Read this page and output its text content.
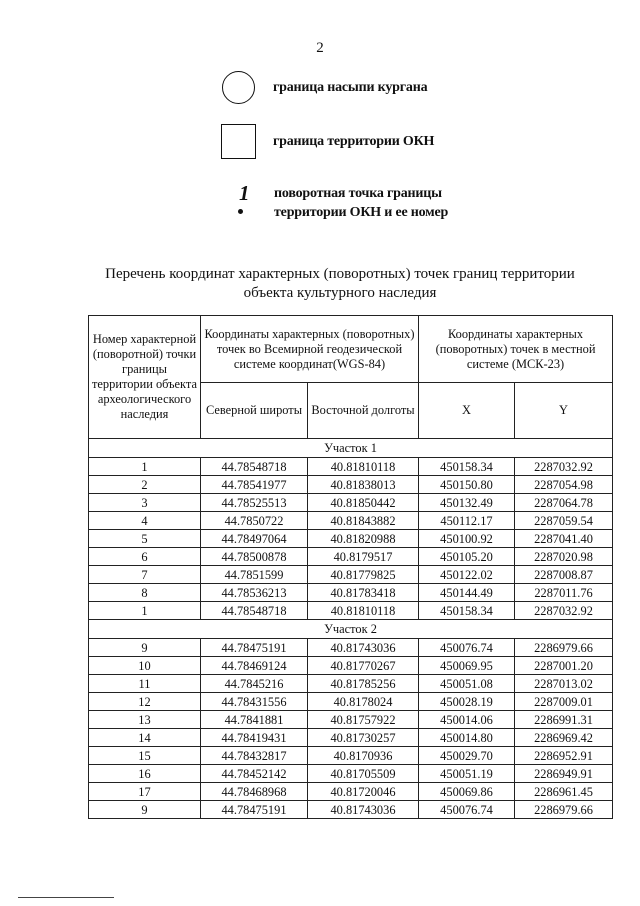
2
граница насыпи кургана
граница территории ОКН
1 поворотная точка границы
территории ОКН и ее номер
Перечень координат характерных (поворотных) точек границ территории
объекта культурного наследия
Номер характерной (поворотной) точки границы территории объекта археологического наследия	Координаты характерных (поворотных) точек во Всемирной геодезической системе координат(WGS-84)		Координаты характерных (поворотных) точек в местной системе (МСК-23)	
	Северной широты	Восточной долготы	X	Y
Участок 1				
1	44.78548718	40.81810118	450158.34	2287032.92
2	44.78541977	40.81838013	450150.80	2287054.98
3	44.78525513	40.81850442	450132.49	2287064.78
4	44.7850722	40.81843882	450112.17	2287059.54
5	44.78497064	40.81820988	450100.92	2287041.40
6	44.78500878	40.8179517	450105.20	2287020.98
7	44.7851599	40.81779825	450122.02	2287008.87
8	44.78536213	40.81783418	450144.49	2287011.76
1	44.78548718	40.81810118	450158.34	2287032.92
Участок 2				
9	44.78475191	40.81743036	450076.74	2286979.66
10	44.78469124	40.81770267	450069.95	2287001.20
11	44.7845216	40.81785256	450051.08	2287013.02
12	44.78431556	40.8178024	450028.19	2287009.01
13	44.7841881	40.81757922	450014.06	2286991.31
14	44.78419431	40.81730257	450014.80	2286969.42
15	44.78432817	40.8170936	450029.70	2286952.91
16	44.78452142	40.81705509	450051.19	2286949.91
17	44.78468968	40.81720046	450069.86	2286961.45
9	44.78475191	40.81743036	450076.74	2286979.66
